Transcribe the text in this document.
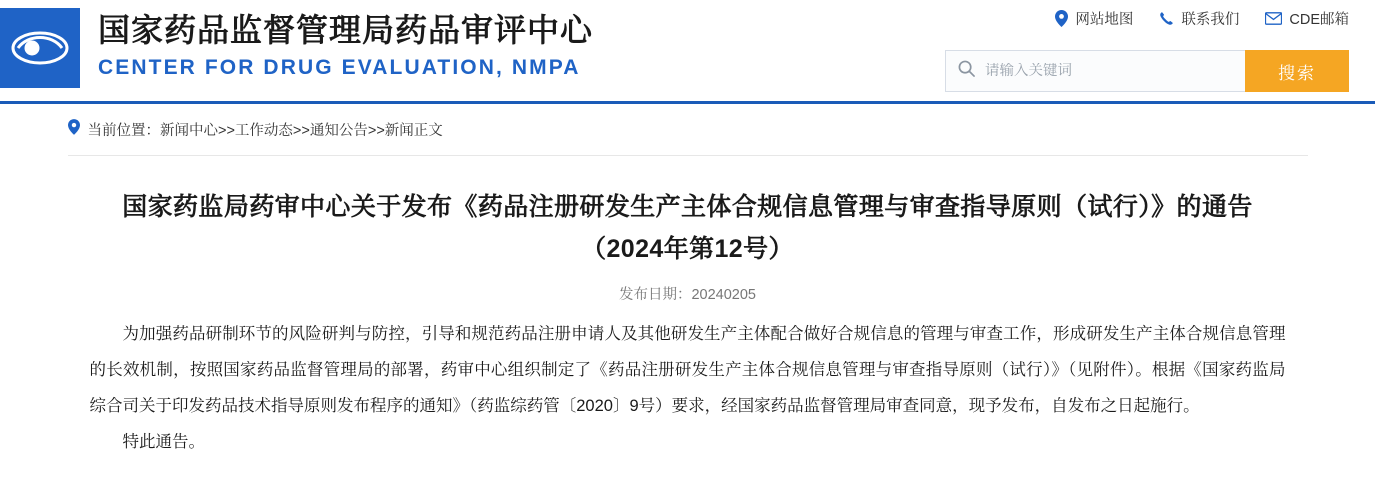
国家药品监督管理局药品审评中心
CENTER FOR DRUG EVALUATION, NMPA
网站地图	联系我们	CDE邮箱
请输入关键词
搜索
当前位置：新闻中心>>工作动态>>通知公告>>新闻正文
国家药监局药审中心关于发布《药品注册研发生产主体合规信息管理与审查指导原则（试行）》的通告（2024年第12号）
发布日期：20240205

为加强药品研制环节的风险研判与防控，引导和规范药品注册申请人及其他研发生产主体配合做好合规信息的管理与审查工作，形成研发生产主体合规信息管理的长效机制，按照国家药品监督管理局的部署，药审中心组织制定了《药品注册研发生产主体合规信息管理与审查指导原则（试行）》（见附件）。根据《国家药监局综合司关于印发药品技术指导原则发布程序的通知》（药监综药管〔2020〕9号）要求，经国家药品监督管理局审查同意，现予发布，自发布之日起施行。

特此通告。
